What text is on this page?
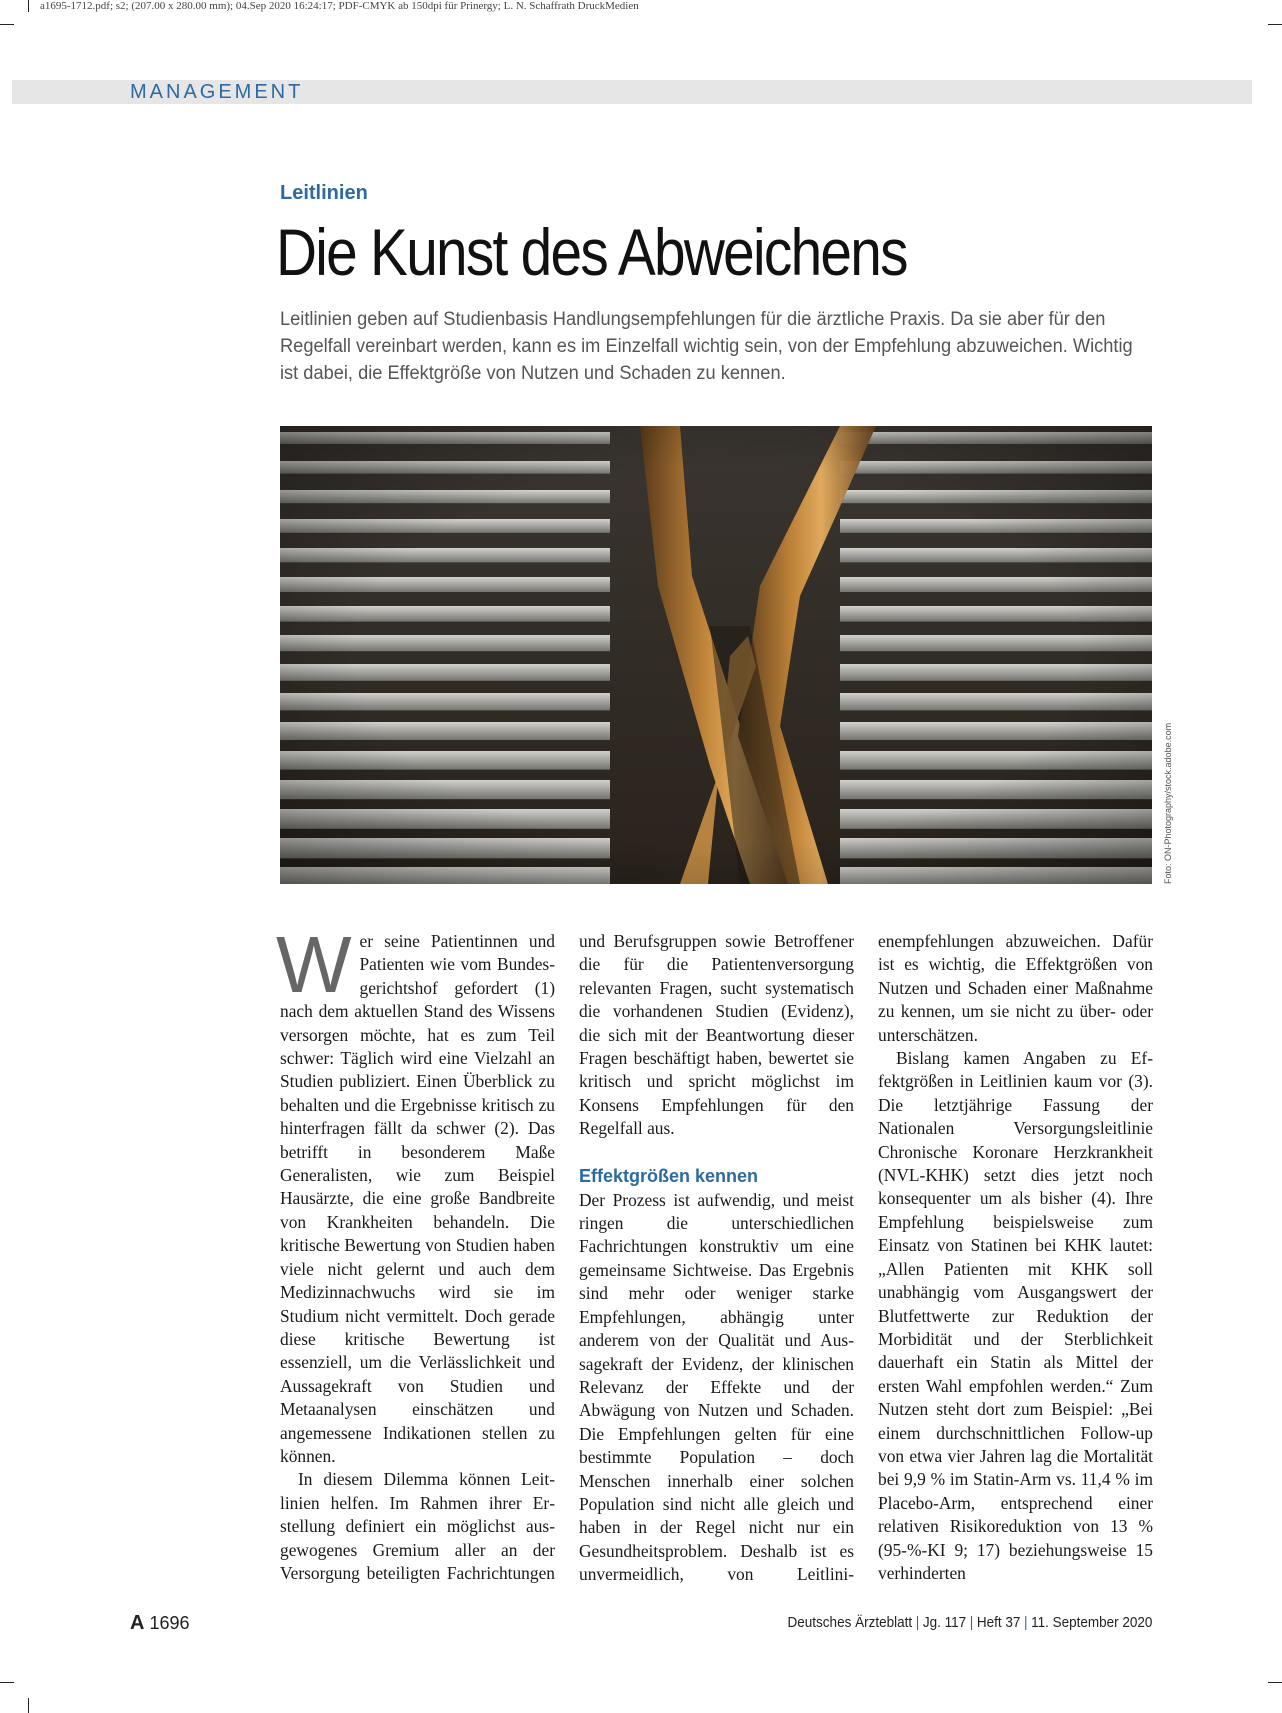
a1695-1712.pdf; s2; (207.00 x 280.00 mm); 04.Sep 2020 16:24:17; PDF-CMYK ab 150dpi für Prinergy; L. N. Schaffrath DruckMedien
MANAGEMENT
Leitlinien
Die Kunst des Abweichens

Leitlinien geben auf Studienbasis Handlungsempfehlungen für die ärztliche Praxis. Da sie aber für den Regelfall vereinbart werden, kann es im Einzelfall wichtig sein, von der Empfehlung abzuweichen. Wichtig ist dabei, die Effektgröße von Nutzen und Schaden zu kennen.

Foto: ON-Photography/stock.adobe.com

Wer seine Patientinnen und Patienten wie vom Bundesgerichtshof gefordert (1) nach dem aktuellen Stand des Wissens versorgen möchte, hat es zum Teil schwer: Täglich wird eine Vielzahl an Studien publiziert. Einen Überblick zu behalten und die Ergebnisse kritisch zu hinterfragen fällt da schwer (2). Das betrifft in besonderem Maße Generalisten, wie zum Beispiel Hausärzte, die eine große Bandbreite von Krankheiten behandeln. Die kritische Bewertung von Studien haben viele nicht gelernt und auch dem Medizinnachwuchs wird sie im Studium nicht vermittelt. Doch gerade diese kritische Bewertung ist essenziell, um die Verlässlichkeit und Aussagekraft von Studien und Metaanalysen einschätzen und angemessene Indikationen stellen zu können.

In diesem Dilemma können Leitlinien helfen. Im Rahmen ihrer Erstellung definiert ein möglichst ausgewogenes Gremium aller an der Versorgung beteiligten Fachrichtungen und Berufsgruppen sowie Betroffener die für die Patientenversorgung relevanten Fragen, sucht systematisch die vorhandenen Studien (Evidenz), die sich mit der Beantwortung dieser Fragen beschäftigt haben, bewertet sie kritisch und spricht möglichst im Konsens Empfehlungen für den Regelfall aus.

Effektgrößen kennen

Der Prozess ist aufwendig, und meist ringen die unterschiedlichen Fachrichtungen konstruktiv um eine gemeinsame Sichtweise. Das Ergebnis sind mehr oder weniger starke Empfehlungen, abhängig unter anderem von der Qualität und Aussagekraft der Evidenz, der klinischen Relevanz der Effekte und der Abwägung von Nutzen und Schaden. Die Empfehlungen gelten für eine bestimmte Population – doch Menschen innerhalb einer solchen Population sind nicht alle gleich und haben in der Regel nicht nur ein Gesundheitsproblem. Deshalb ist es unvermeidlich, von Leitlinienempfehlungen abzuweichen. Dafür ist es wichtig, die Effektgrößen von Nutzen und Schaden einer Maßnahme zu kennen, um sie nicht zu über- oder unterschätzen.

Bislang kamen Angaben zu Effektgrößen in Leitlinien kaum vor (3). Die letztjährige Fassung der Nationalen Versorgungsleitlinie Chronische Koronare Herzkrankheit (NVL-KHK) setzt dies jetzt noch konsequenter um als bisher (4). Ihre Empfehlung beispielsweise zum Einsatz von Statinen bei KHK lautet: „Allen Patienten mit KHK soll unabhängig vom Ausgangswert der Blutfettwerte zur Reduktion der Morbidität und der Sterblichkeit dauerhaft ein Statin als Mittel der ersten Wahl empfohlen werden.“ Zum Nutzen steht dort zum Beispiel: „Bei einem durchschnittlichen Follow-up von etwa vier Jahren lag die Mortalität bei 9,9 % im Statin-Arm vs. 11,4 % im Placebo-Arm, entsprechend einer relativen Risikoreduktion von 13 % (95-%-KI 9; 17) beziehungsweise 15 verhinderten

A 1696	Deutsches Ärzteblatt | Jg. 117 | Heft 37 | 11. September 2020
